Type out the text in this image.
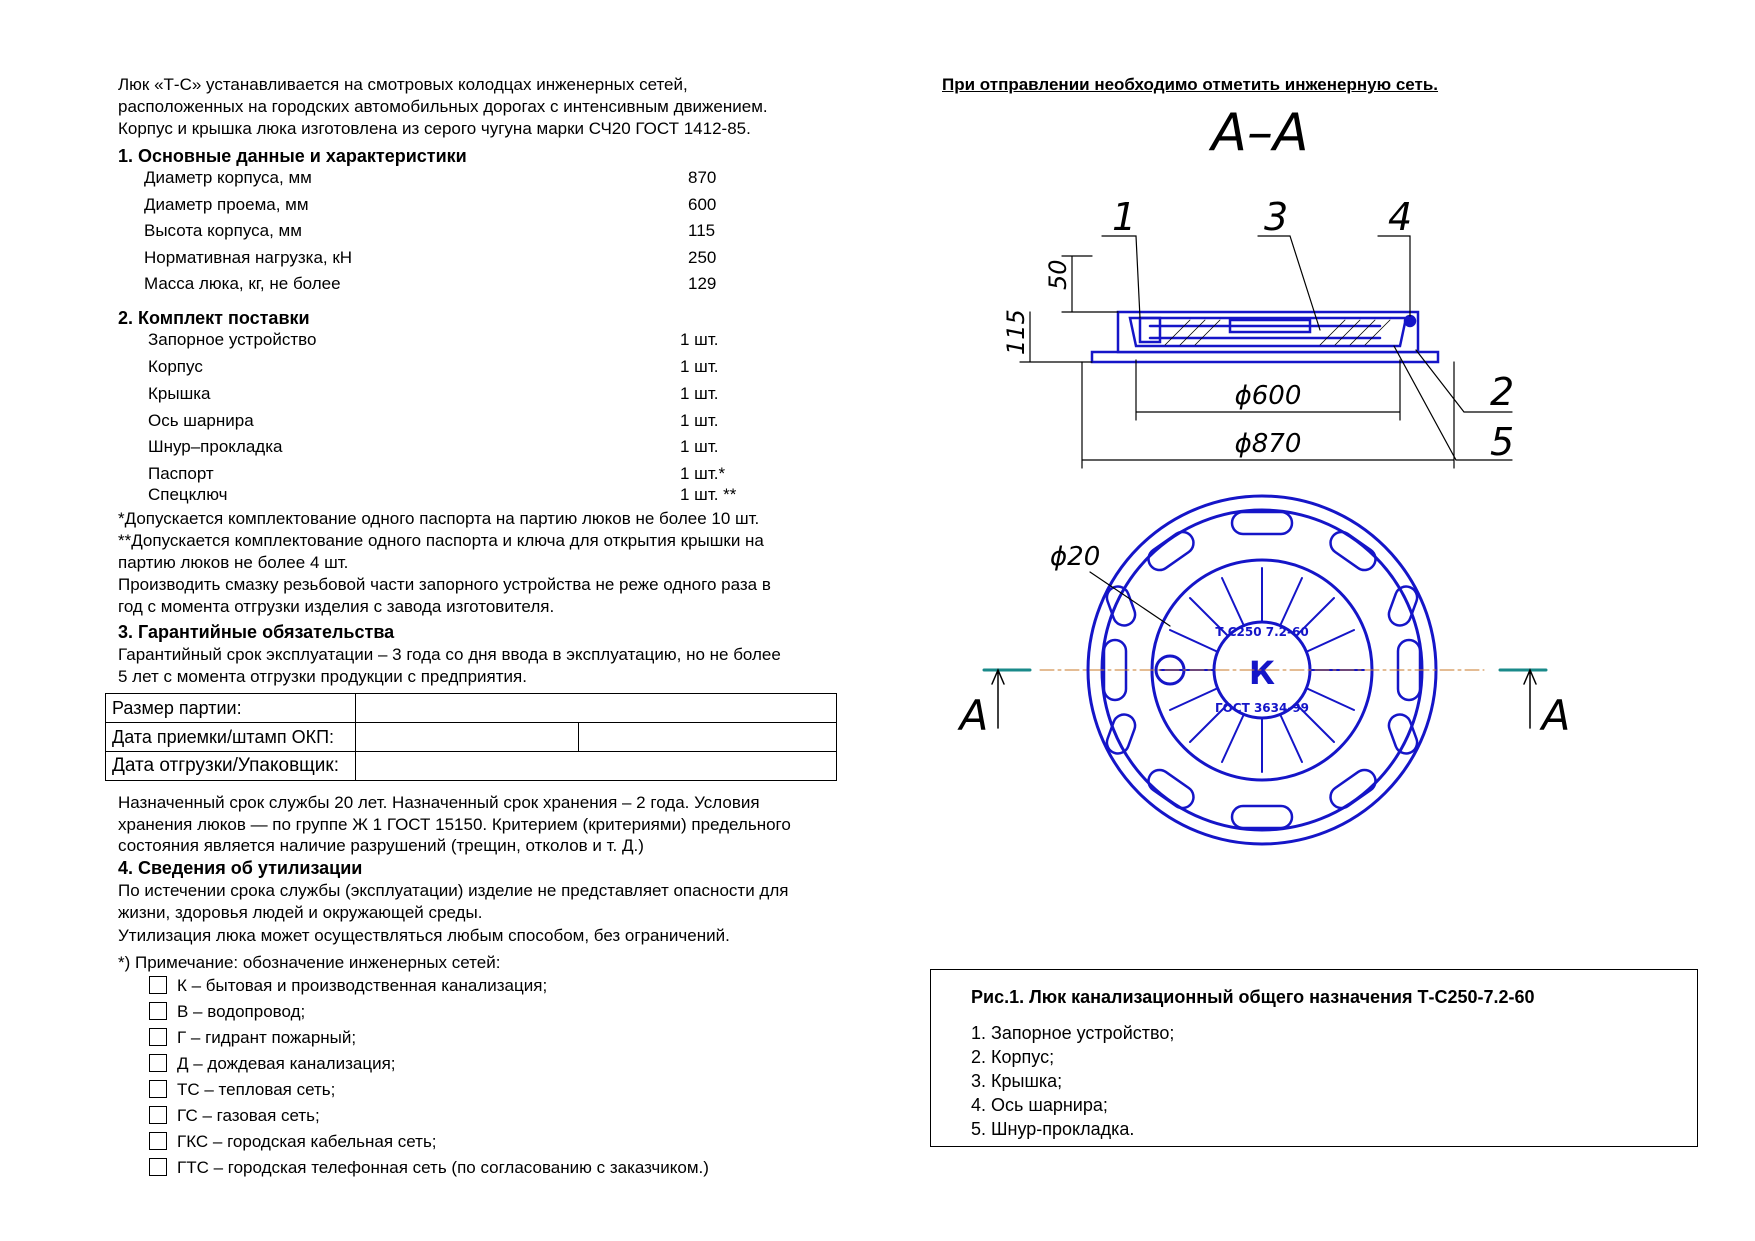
Люк «Т-С» устанавливается на смотровых колодцах инженерных сетей,
расположенных на городских автомобильных дорогах с интенсивным движением.
Корпус и крышка люка изготовлена из серого чугуна марки СЧ20 ГОСТ 1412-85.
1. Основные данные и характеристики
Диаметр корпуса, мм	870
Диаметр проема, мм	600
Высота корпуса, мм	115
Нормативная нагрузка, кН	250
Масса люка, кг, не более	129
2. Комплект поставки
Запорное устройство	1 шт.
Корпус	1 шт.
Крышка	1 шт.
Ось шарнира	1 шт.
Шнур–прокладка	1 шт.
Паспорт	1 шт.*
Спецключ	1 шт. **
*Допускается комплектование одного паспорта на партию люков не более 10 шт.
**Допускается комплектование одного паспорта и ключа для открытия крышки на
партию люков не более 4 шт.
Производить смазку резьбовой части запорного устройства не реже одного раза в
год с момента отгрузки изделия с завода изготовителя.
3. Гарантийные обязательства
Гарантийный срок эксплуатации – 3 года со дня ввода в эксплуатацию, но не более
5 лет с момента отгрузки продукции с предприятия.
Размер партии:		
Дата приемки/штамп ОКП:		
Дата отгрузки/Упаковщик:		
Назначенный срок службы 20 лет. Назначенный срок хранения – 2 года. Условия
хранения люков — по группе Ж 1 ГОСТ 15150. Критерием (критериями) предельного
состояния является наличие разрушений (трещин, отколов и т. Д.)
4. Сведения об утилизации
По истечении срока службы (эксплуатации) изделие не представляет опасности для
жизни, здоровья людей и окружающей среды.
Утилизация люка может осуществляться любым способом, без ограничений.
*) Примечание: обозначение инженерных сетей:
К – бытовая и производственная канализация;
В – водопровод;
Г – гидрант пожарный;
Д – дождевая канализация;
ТС – тепловая сеть;
ГС – газовая сеть;
ГКС – городская кабельная сеть;
ГТС – городская телефонная сеть (по согласованию с заказчиком.)
При отправлении необходимо отметить инженерную сеть.
А–А
1	3	4
2
5
50
115
ϕ600
ϕ870
К
Т С250 7.2-60
ГОСТ 3634-99
ϕ20
А	А
Рис.1. Люк канализационный общего назначения Т-С250-7.2-60
1. Запорное устройство;
2. Корпус;
3. Крышка;
4. Ось шарнира;
5. Шнур-прокладка.
